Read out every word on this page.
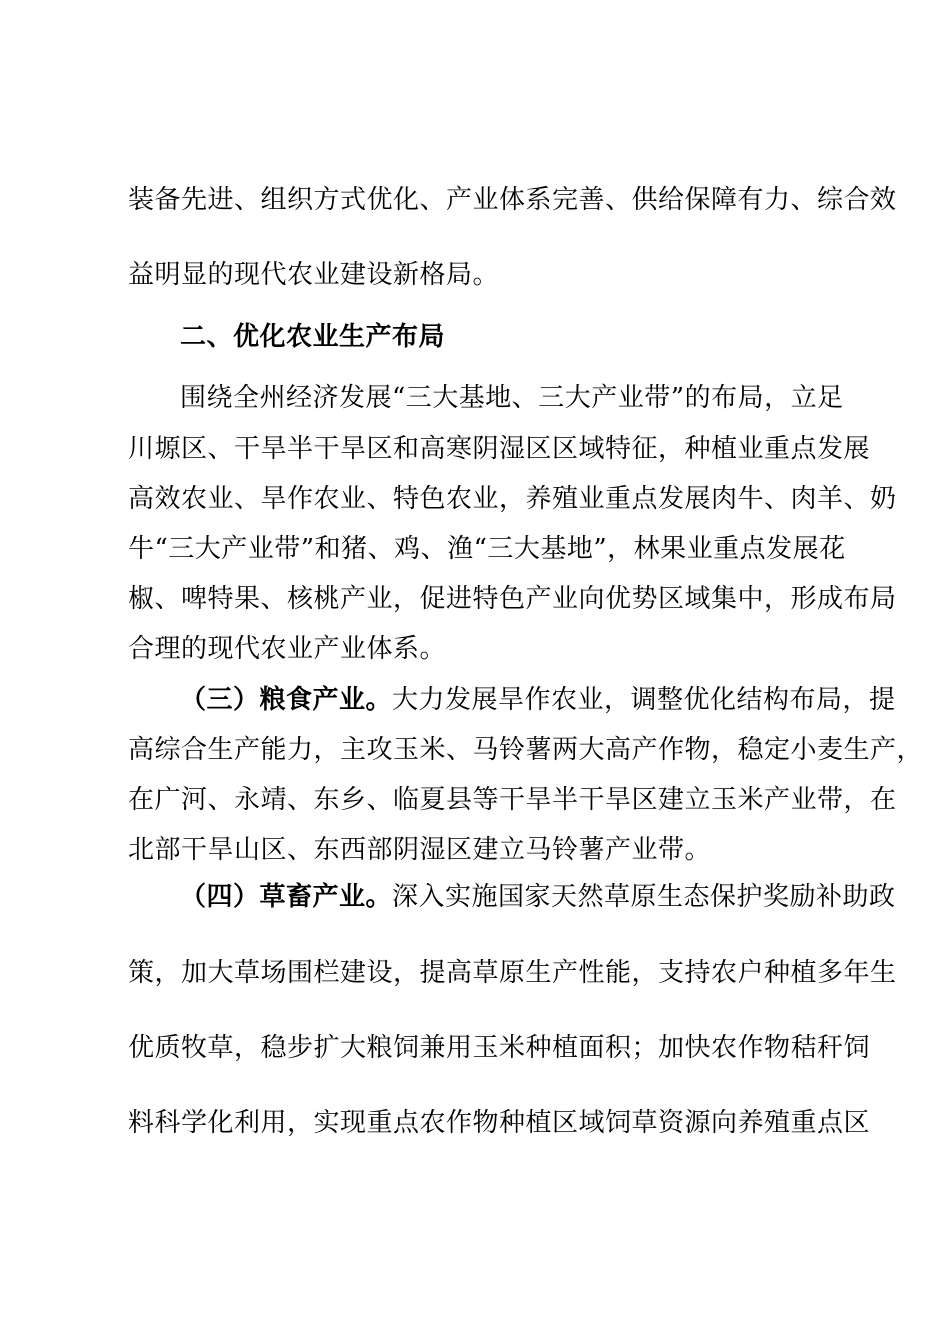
装备先进、组织方式优化、产业体系完善、供给保障有力、综合效
益明显的现代农业建设新格局。
二、优化农业生产布局
围绕全州经济发展“三大基地、三大产业带”的布局，立足
川塬区、干旱半干旱区和高寒阴湿区区域特征，种植业重点发展
高效农业、旱作农业、特色农业，养殖业重点发展肉牛、肉羊、奶
牛“三大产业带”和猪、鸡、渔“三大基地”，林果业重点发展花
椒、啤特果、核桃产业，促进特色产业向优势区域集中，形成布局
合理的现代农业产业体系。
（三）粮食产业。大力发展旱作农业，调整优化结构布局，提
高综合生产能力，主攻玉米、马铃薯两大高产作物，稳定小麦生产，
在广河、永靖、东乡、临夏县等干旱半干旱区建立玉米产业带，在
北部干旱山区、东西部阴湿区建立马铃薯产业带。
（四）草畜产业。深入实施国家天然草原生态保护奖励补助政
策，加大草场围栏建设，提高草原生产性能，支持农户种植多年生
优质牧草，稳步扩大粮饲兼用玉米种植面积；加快农作物秸秆饲
料科学化利用，实现重点农作物种植区域饲草资源向养殖重点区
